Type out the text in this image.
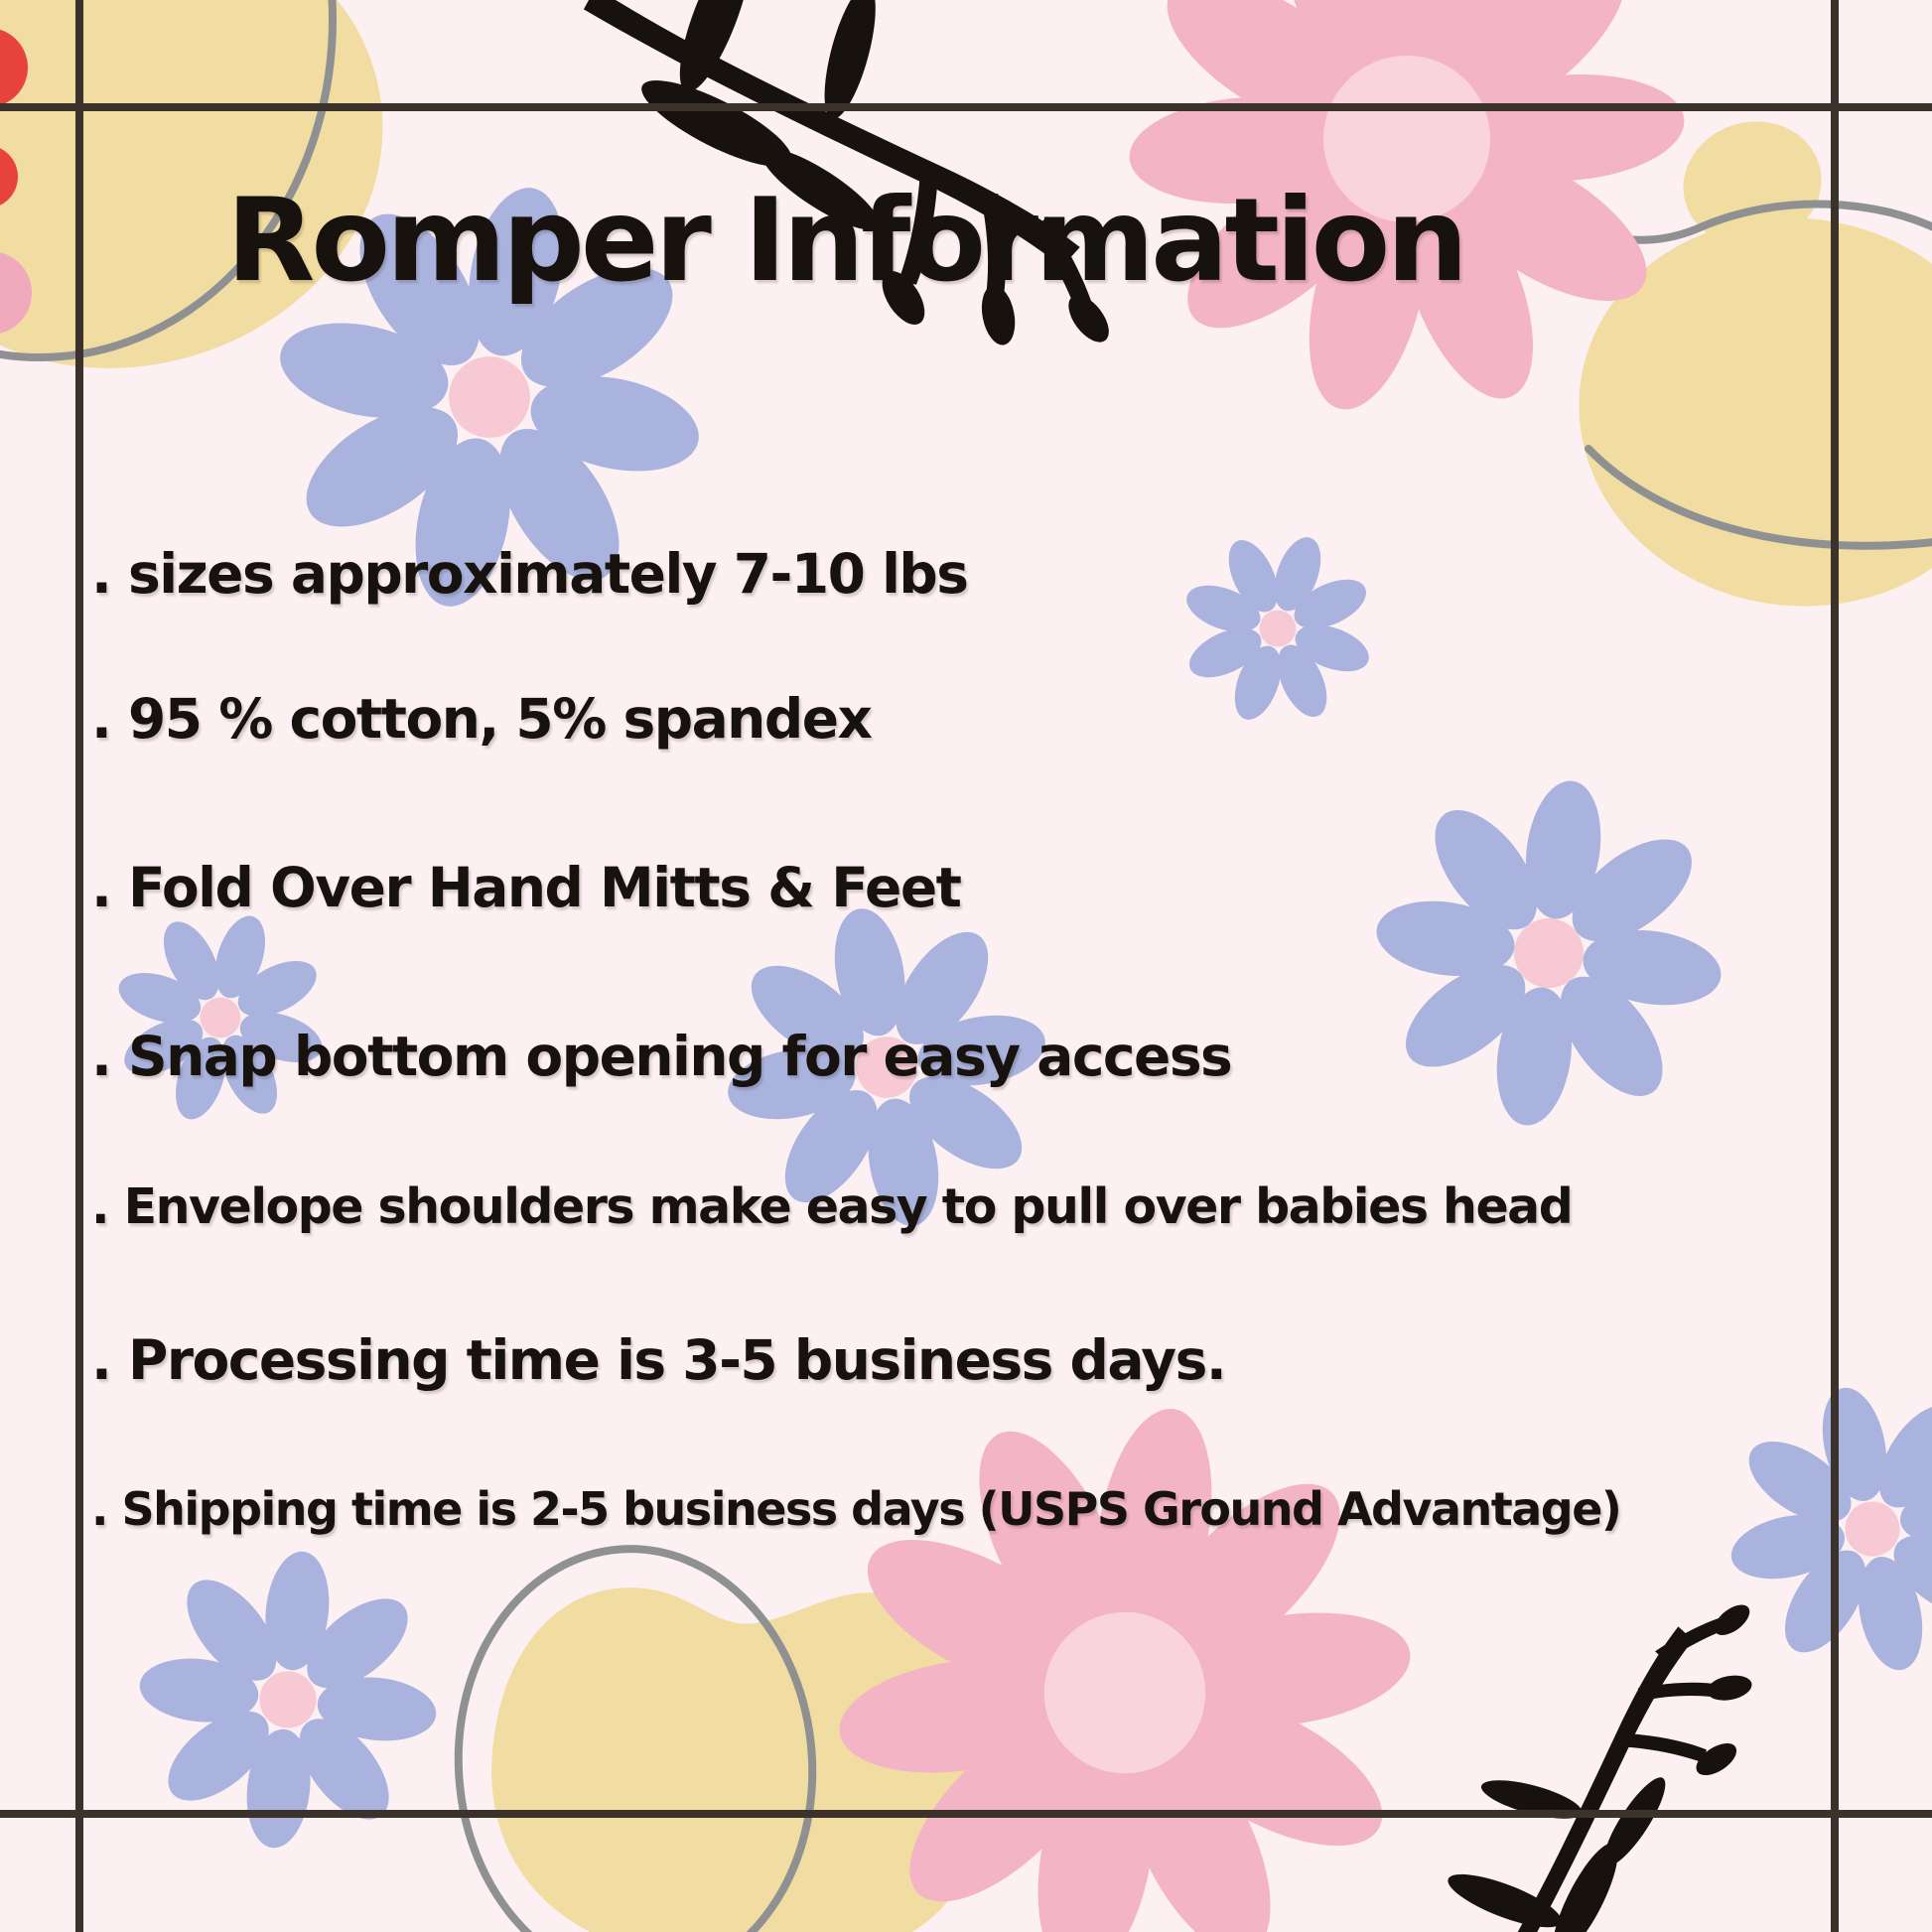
Romper Information
. sizes approximately 7-10 lbs
. 95 % cotton, 5% spandex
. Fold Over Hand Mitts & Feet
. Snap bottom opening for easy access
. Envelope shoulders make easy to pull over babies head
. Processing time is 3-5 business days.
. Shipping time is 2-5 business days (USPS Ground Advantage)
